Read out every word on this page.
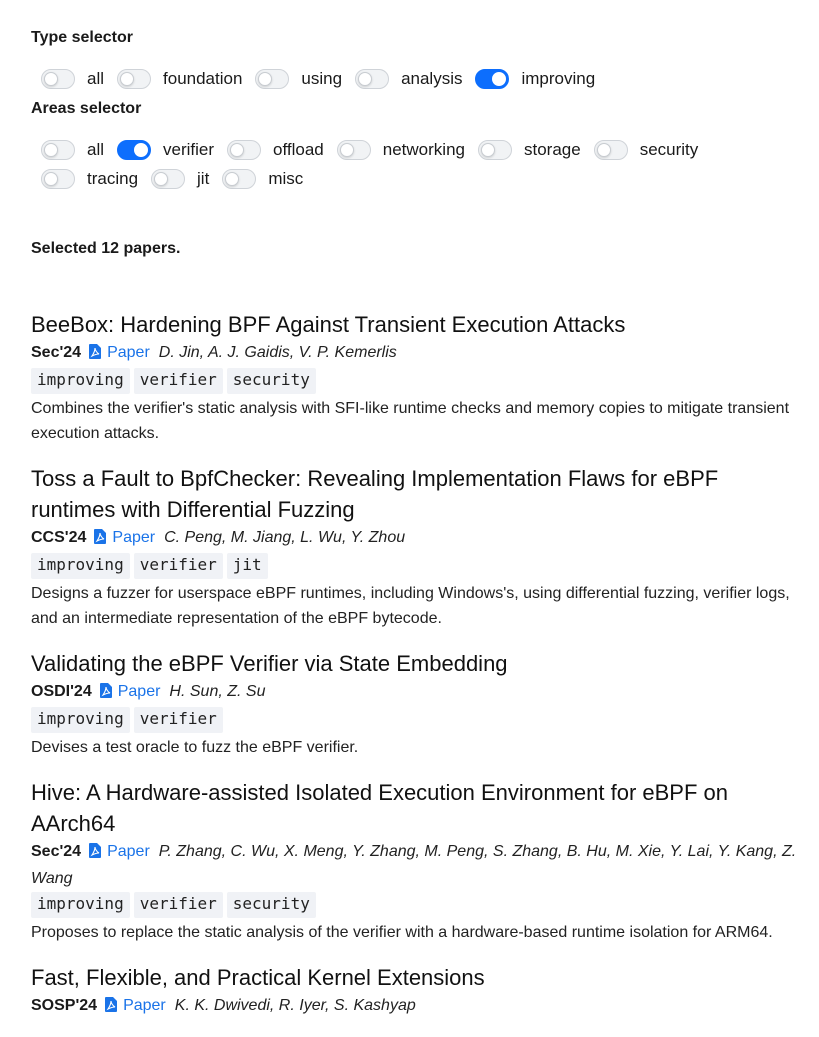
Type selector
all	foundation	using	analysis	improving
Areas selector
all	verifier	offload	networking	storage	security
tracing	jit	misc
Selected 12 papers.
BeeBox: Hardening BPF Against Transient Execution Attacks
Sec'24 Paper D. Jin, A. J. Gaidis, V. P. Kemerlis
improving	verifier	security
Combines the verifier's static analysis with SFI-like runtime checks and memory copies to mitigate transient execution attacks.
Toss a Fault to BpfChecker: Revealing Implementation Flaws for eBPF runtimes with Differential Fuzzing
CCS'24 Paper C. Peng, M. Jiang, L. Wu, Y. Zhou
improving	verifier	jit
Designs a fuzzer for userspace eBPF runtimes, including Windows's, using differential fuzzing, verifier logs, and an intermediate representation of the eBPF bytecode.
Validating the eBPF Verifier via State Embedding
OSDI'24 Paper H. Sun, Z. Su
improving	verifier
Devises a test oracle to fuzz the eBPF verifier.
Hive: A Hardware-assisted Isolated Execution Environment for eBPF on AArch64
Sec'24 Paper P. Zhang, C. Wu, X. Meng, Y. Zhang, M. Peng, S. Zhang, B. Hu, M. Xie, Y. Lai, Y. Kang, Z. Wang
improving	verifier	security
Proposes to replace the static analysis of the verifier with a hardware-based runtime isolation for ARM64.
Fast, Flexible, and Practical Kernel Extensions
SOSP'24 Paper K. K. Dwivedi, R. Iyer, S. Kashyap
